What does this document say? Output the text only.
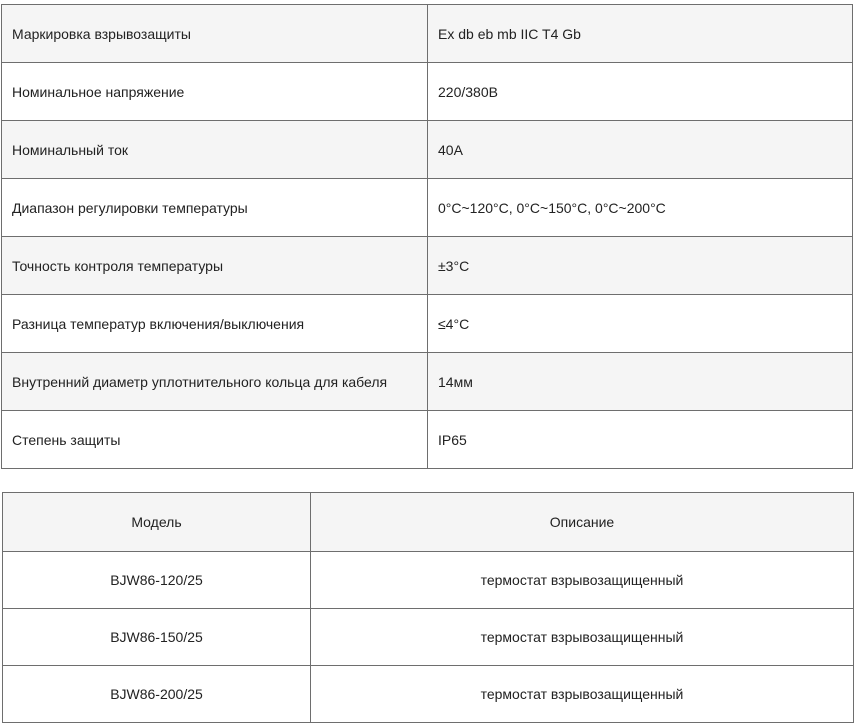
Маркировка взрывозащиты	Ex db eb mb IIC T4 Gb
Номинальное напряжение	220/380В
Номинальный ток	40А
Диапазон регулировки температуры	0°C~120°C, 0°C~150°C, 0°C~200°C
Точность контроля температуры	±3°C
Разница температур включения/выключения	≤4°C
Внутренний диаметр уплотнительного кольца для кабеля	14мм
Степень защиты	IP65
Модель	Описание
BJW86-120/25	термостат взрывозащищенный
BJW86-150/25	термостат взрывозащищенный
BJW86-200/25	термостат взрывозащищенный
